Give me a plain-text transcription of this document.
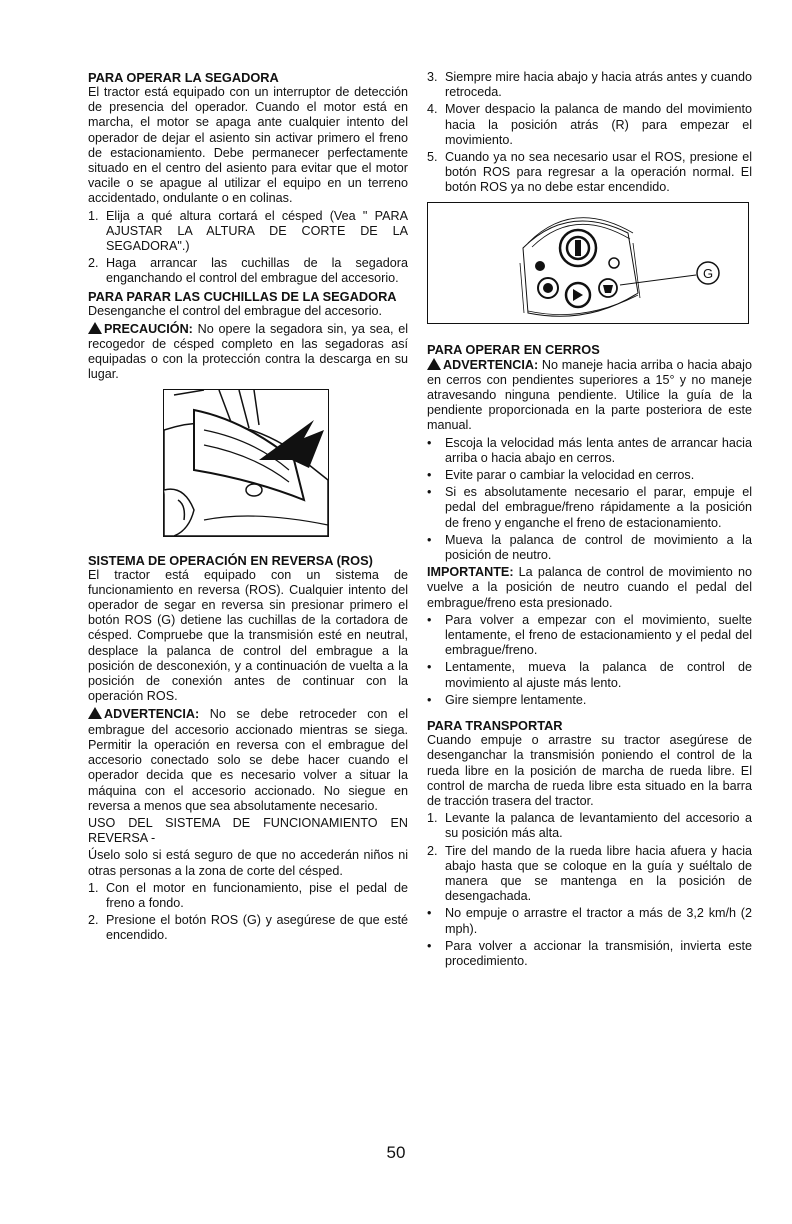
PARA OPERAR LA SEGADORA

El tractor está equipado con un interruptor de detección de presencia del operador. Cuando el motor está en marcha, el motor se apaga ante cualquier intento del operador de dejar el asiento sin activar primero el freno de estacionamiento. Debe permanecer perfectamente situado en el centro del asiento para evitar que el motor vacile o se apague al utilizar el equipo en un terreno accidentado, ondulante o en colinas.

1. Elija a qué altura cortará el césped (Vea " PARA AJUSTAR LA ALTURA DE CORTE DE LA SEGADORA".)
2. Haga arrancar las cuchillas de la segadora enganchando el control del embrague del accesorio.
PARA PARAR LAS CUCHILLAS DE LA SEGADORA

Desenganche el control del embrague del accesorio.

PRECAUCIÓN: No opere la segadora sin, ya sea, el recogedor de césped completo en las segadoras así equipadas o con la protección contra la descarga en su lugar.

SISTEMA DE OPERACIÓN EN REVERSA (ROS)

El tractor está equipado con un sistema de funcionamiento en reversa (ROS). Cualquier intento del operador de segar en reversa sin presionar primero el botón ROS (G) detiene las cuchillas de la cortadora de césped. Compruebe que la transmisión esté en neutral, desplace la palanca de control del embrague a la posición de desconexión, y a continuación de vuelta a la posición de conexión antes de continuar con la operación ROS.

ADVERTENCIA: No se debe retroceder con el embrague del accesorio accionado mientras se siega. Permitir la operación en reversa con el embrague del accesorio conectado solo se debe hacer cuando el operador decida que es necesario volver a situar la máquina con el accesorio accionado. No siegue en reversa a menos que sea absolutamente necesario.

USO DEL SISTEMA DE FUNCIONAMIENTO EN REVERSA -

Úselo solo si está seguro de que no accederán niños ni otras personas a la zona de corte del césped.

1. Con el motor en funcionamiento, pise el pedal de freno a fondo.
2. Presione el botón ROS (G) y asegúrese de que esté encendido.
3. Siempre mire hacia abajo y hacia atrás antes y cuando retroceda.
4. Mover despacio la palanca de mando del movimiento hacia la posición atrás (R) para empezar el movimiento.
5. Cuando ya no sea necesario usar el ROS, presione el botón ROS para regresar a la operación normal. El botón ROS ya no debe estar encendido.
G
PARA OPERAR EN CERROS

ADVERTENCIA: No maneje hacia arriba o hacia abajo en cerros con pendientes superiores a 15° y no maneje atravesando ninguna pendiente. Utilice la guía de la pendiente proporcionada en la parte posteriora de este manual.

•	Escoja la velocidad más lenta antes de arrancar hacia arriba o hacia abajo en cerros.
•	Evite parar o cambiar la velocidad en cerros.
•	Si es absolutamente necesario el parar, empuje el pedal del embrague/freno rápidamente a la posición de freno y enganche el freno de estacionamiento.
•	Mueva la palanca de control de movimiento a la posición de neutro.

IMPORTANTE: La palanca de control de movimiento no vuelve a la posición de neutro cuando el pedal del embrague/freno esta presionado.

•	Para volver a empezar con el movimiento, suelte lentamente, el freno de estacionamiento y el pedal del embrague/freno.
•	Lentamente, mueva la palanca de control de movimiento al ajuste más lento.
•	Gire siempre lentamente.
PARA TRANSPORTAR

Cuando empuje o arrastre su tractor asegúrese de desenganchar la transmisión poniendo el control de la rueda libre en la posición de marcha de rueda libre. El control de marcha de rueda libre esta situado en la barra de tracción trasera del tractor.

1. Levante la palanca de levantamiento del accesorio a su posición más alta.
2. Tire del mando de la rueda libre hacia afuera y hacia abajo hasta que se coloque en la guía y suéltalo de manera que se mantenga en la posición de desengachada.
•	No empuje o arrastre el tractor a más de 3,2 km/h (2 mph).
•	Para volver a accionar la transmisión, invierta este procedimiento.
50
